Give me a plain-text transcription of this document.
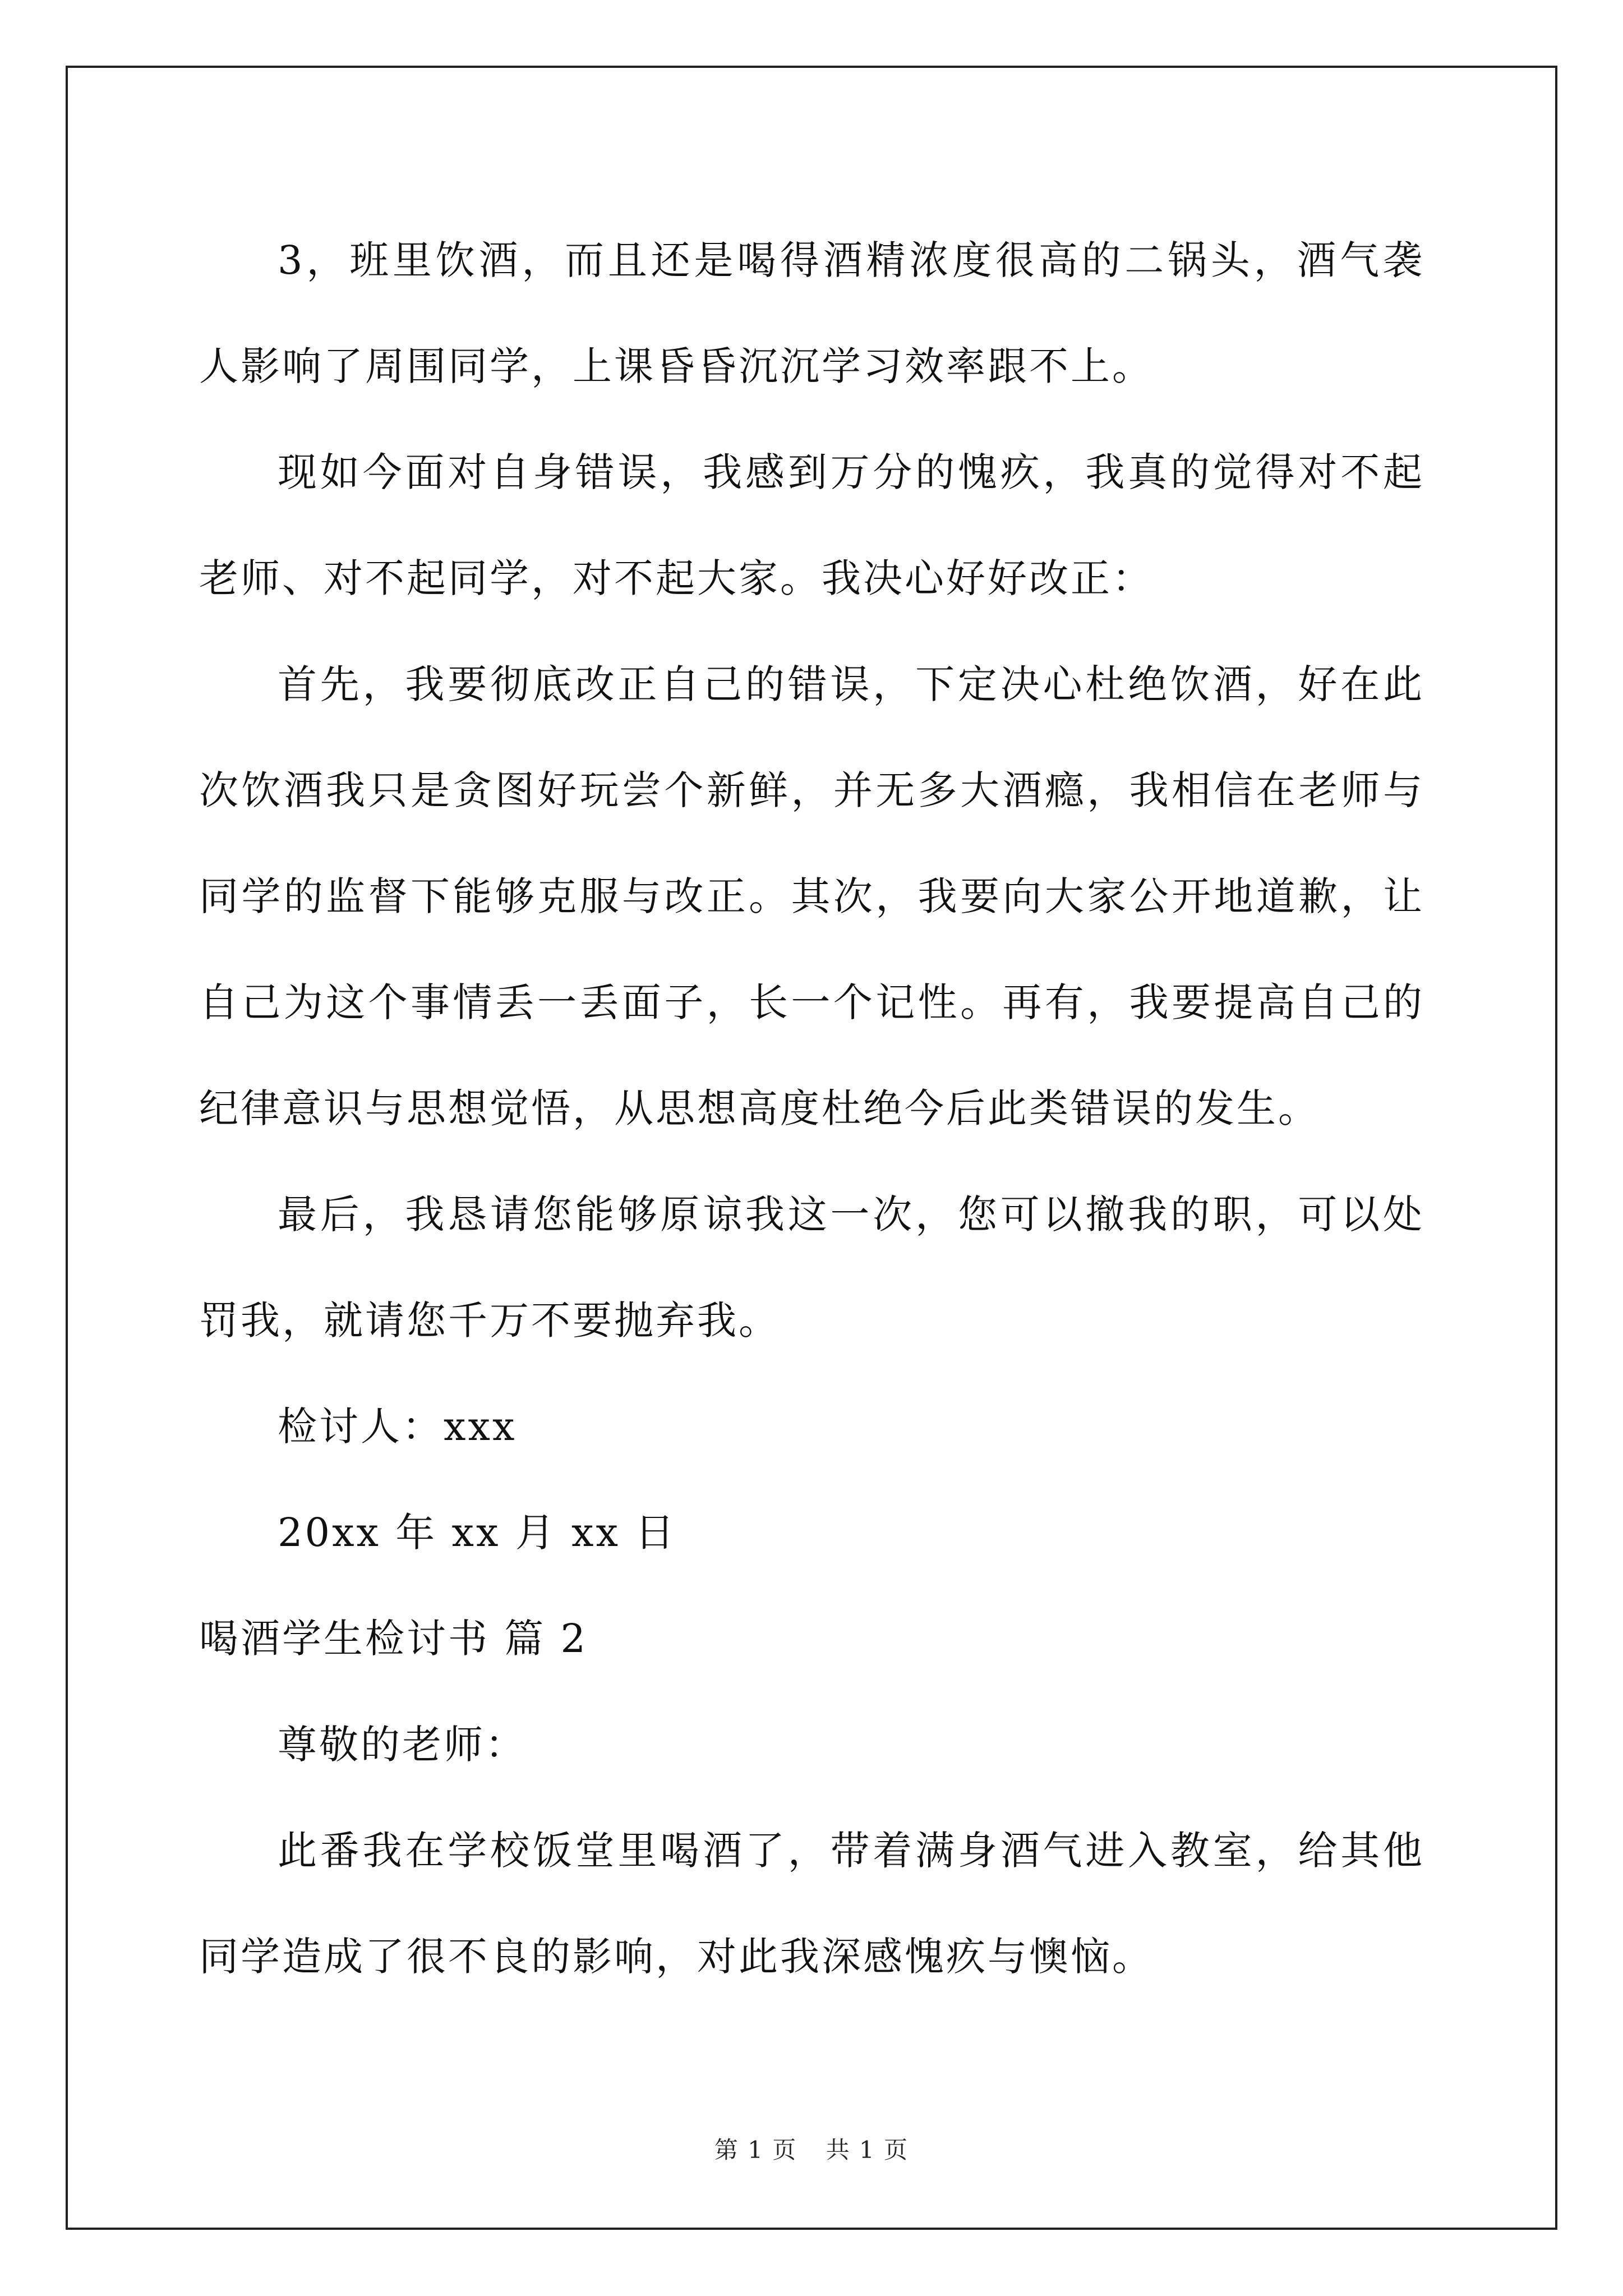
3，班里饮酒，而且还是喝得酒精浓度很高的二锅头，酒气袭人影响了周围同学，上课昏昏沉沉学习效率跟不上。

现如今面对自身错误，我感到万分的愧疚，我真的觉得对不起老师、对不起同学，对不起大家。我决心好好改正：

首先，我要彻底改正自己的错误，下定决心杜绝饮酒，好在此次饮酒我只是贪图好玩尝个新鲜，并无多大酒瘾，我相信在老师与同学的监督下能够克服与改正。其次，我要向大家公开地道歉，让自己为这个事情丢一丢面子，长一个记性。再有，我要提高自己的纪律意识与思想觉悟，从思想高度杜绝今后此类错误的发生。

最后，我恳请您能够原谅我这一次，您可以撤我的职，可以处罚我，就请您千万不要抛弃我。

检讨人：xxx

20xx 年 xx 月 xx 日

喝酒学生检讨书 篇 2

尊敬的老师：

此番我在学校饭堂里喝酒了，带着满身酒气进入教室，给其他同学造成了很不良的影响，对此我深感愧疚与懊恼。

第 1 页 共 1 页
